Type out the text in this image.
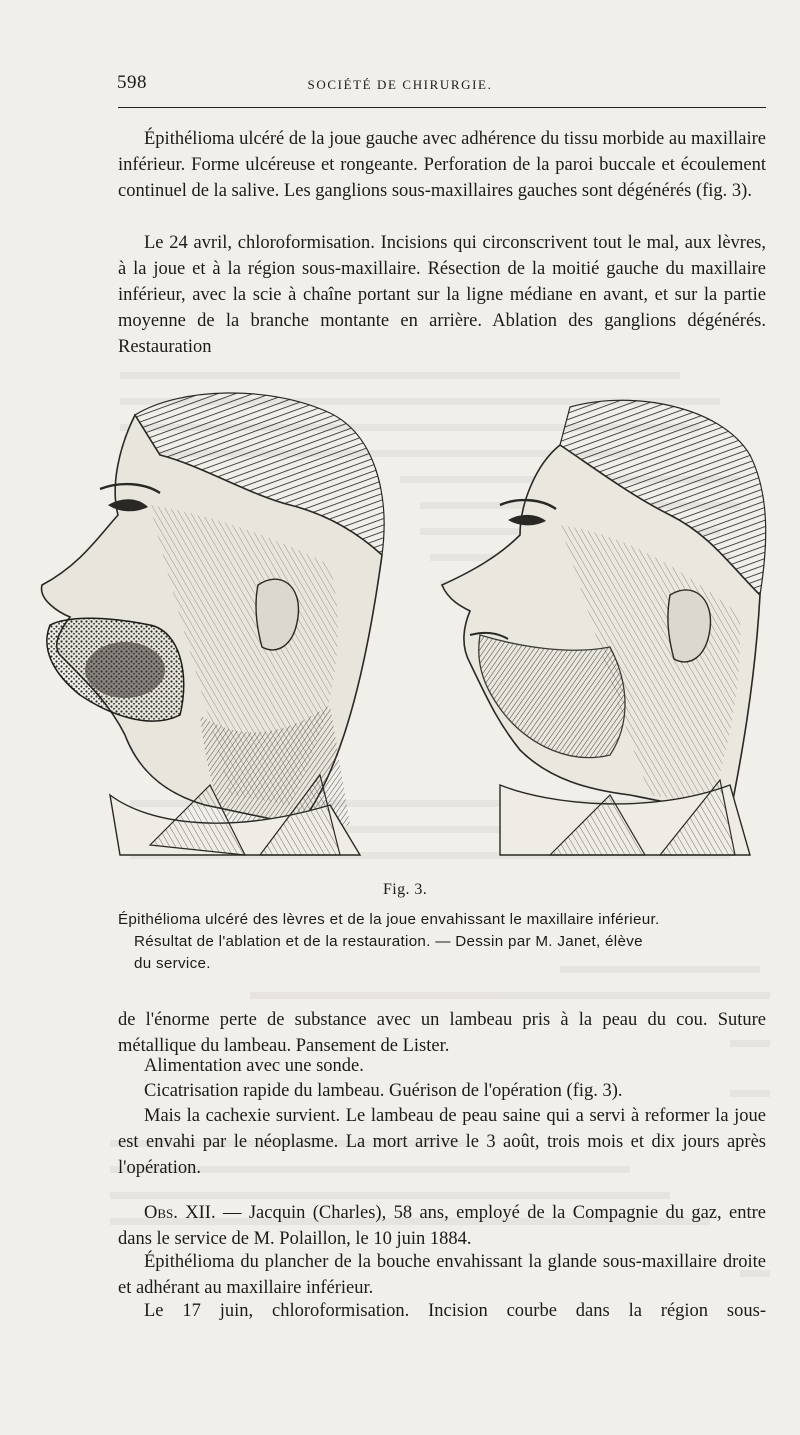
598	SOCIÉTÉ DE CHIRURGIE.

Épithélioma ulcéré de la joue gauche avec adhérence du tissu morbide au maxillaire inférieur. Forme ulcéreuse et rongeante. Perforation de la paroi buccale et écoulement continuel de la salive. Les ganglions sous-maxillaires gauches sont dégénérés (fig. 3).

Le 24 avril, chloroformisation. Incisions qui circonscrivent tout le mal, aux lèvres, à la joue et à la région sous-maxillaire. Résection de la moitié gauche du maxillaire inférieur, avec la scie à chaîne portant sur la ligne médiane en avant, et sur la partie moyenne de la branche montante en arrière. Ablation des ganglions dégénérés. Restauration

Fig. 3.
Épithélioma ulcéré des lèvres et de la joue envahissant le maxillaire inférieur.
Résultat de l'ablation et de la restauration. — Dessin par M. Janet, élève
du service.

de l'énorme perte de substance avec un lambeau pris à la peau du cou. Suture métallique du lambeau. Pansement de Lister.

Alimentation avec une sonde.

Cicatrisation rapide du lambeau. Guérison de l'opération (fig. 3).

Mais la cachexie survient. Le lambeau de peau saine qui a servi à reformer la joue est envahi par le néoplasme. La mort arrive le 3 août, trois mois et dix jours après l'opération.

Obs. XII. — Jacquin (Charles), 58 ans, employé de la Compagnie du gaz, entre dans le service de M. Polaillon, le 10 juin 1884.

Épithélioma du plancher de la bouche envahissant la glande sous-maxillaire droite et adhérant au maxillaire inférieur.

Le 17 juin, chloroformisation. Incision courbe dans la région sous-
